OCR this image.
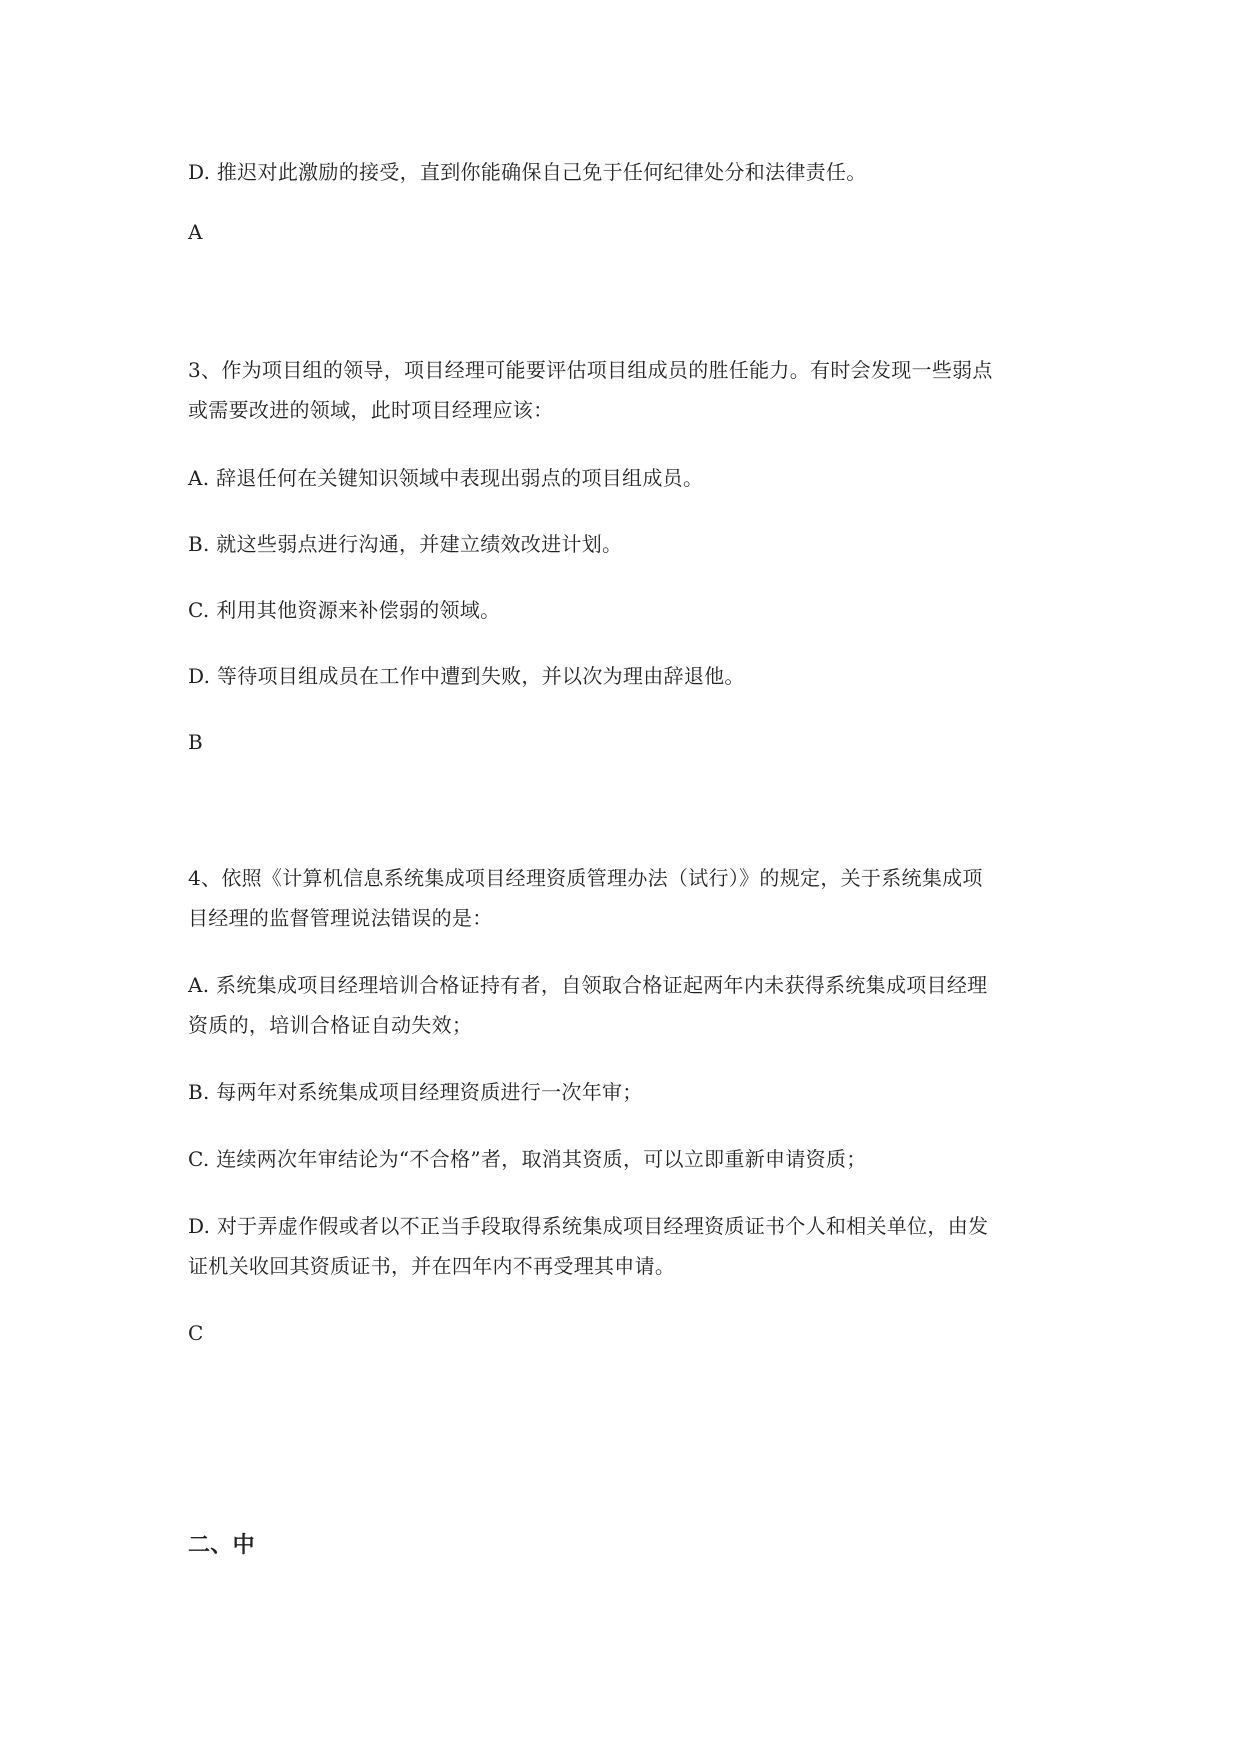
D. 推迟对此激励的接受，直到你能确保自己免于任何纪律处分和法律责任。
A
3、作为项目组的领导，项目经理可能要评估项目组成员的胜任能力。有时会发现一些弱点
或需要改进的领域，此时项目经理应该：
A. 辞退任何在关键知识领域中表现出弱点的项目组成员。
B. 就这些弱点进行沟通，并建立绩效改进计划。
C. 利用其他资源来补偿弱的领域。
D. 等待项目组成员在工作中遭到失败，并以次为理由辞退他。
B
4、依照《计算机信息系统集成项目经理资质管理办法（试行）》的规定，关于系统集成项
目经理的监督管理说法错误的是：
A. 系统集成项目经理培训合格证持有者，自领取合格证起两年内未获得系统集成项目经理
资质的，培训合格证自动失效；
B. 每两年对系统集成项目经理资质进行一次年审；
C. 连续两次年审结论为“不合格”者，取消其资质，可以立即重新申请资质；
D. 对于弄虚作假或者以不正当手段取得系统集成项目经理资质证书个人和相关单位，由发
证机关收回其资质证书，并在四年内不再受理其申请。
C
二、中
